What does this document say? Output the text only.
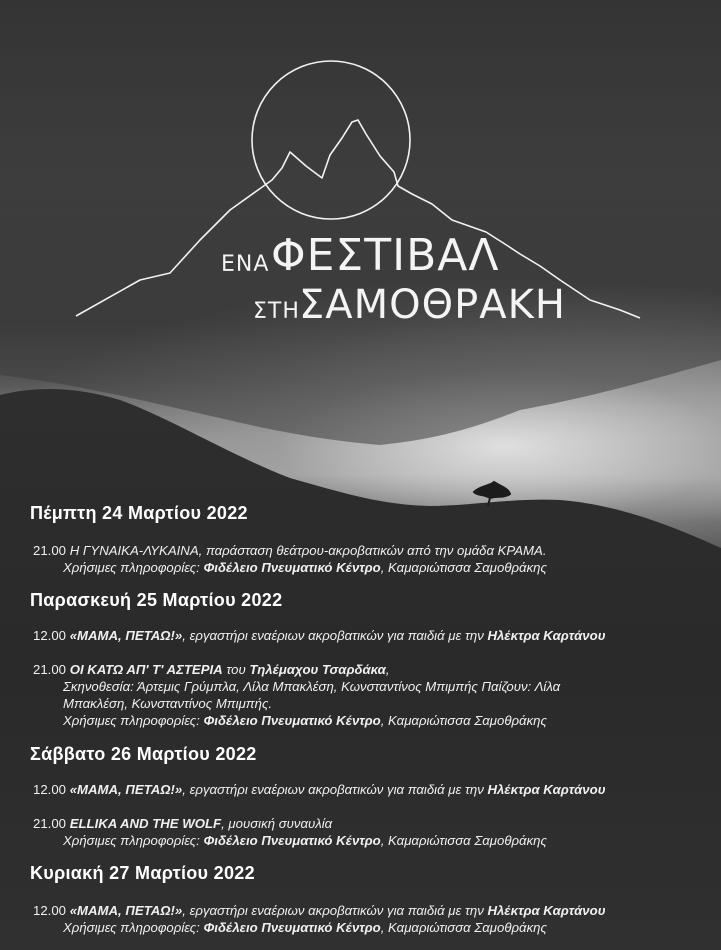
ΕΝΑ ΦΕΣΤΙΒΑΛ
ΣΤΗ ΣΑΜΟΘΡΑΚΗ
Πέμπτη 24 Μαρτίου 2022
21.00 Η ΓΥΝΑΙΚΑ-ΛΥΚΑΙΝΑ, παράσταση θεάτρου-ακροβατικών από την ομάδα ΚΡΑΜΑ.
Χρήσιμες πληροφορίες: Φιδέλειο Πνευματικό Κέντρο, Καμαριώτισσα Σαμοθράκης
Παρασκευή 25 Μαρτίου 2022
12.00 «ΜΑΜΑ, ΠΕΤΑΩ!», εργαστήρι εναέριων ακροβατικών για παιδιά με την Ηλέκτρα Καρτάνου
21.00 ΟΙ ΚΑΤΩ ΑΠ' Τ' ΑΣΤΕΡΙΑ του Τηλέμαχου Τσαρδάκα,
Σκηνοθεσία: Άρτεμις Γρύμπλα, Λίλα Μπακλέση, Κωνσταντίνος Μπιμπής Παίζουν: Λίλα
Μπακλέση, Κωνσταντίνος Μπιμπής.
Χρήσιμες πληροφορίες: Φιδέλειο Πνευματικό Κέντρο, Καμαριώτισσα Σαμοθράκης
Σάββατο 26 Μαρτίου 2022
12.00 «ΜΑΜΑ, ΠΕΤΑΩ!», εργαστήρι εναέριων ακροβατικών για παιδιά με την Ηλέκτρα Καρτάνου
21.00 ELLIKA AND THE WOLF, μουσική συναυλία
Χρήσιμες πληροφορίες: Φιδέλειο Πνευματικό Κέντρο, Καμαριώτισσα Σαμοθράκης
Κυριακή 27 Μαρτίου 2022
12.00 «ΜΑΜΑ, ΠΕΤΑΩ!», εργαστήρι εναέριων ακροβατικών για παιδιά με την Ηλέκτρα Καρτάνου
Χρήσιμες πληροφορίες: Φιδέλειο Πνευματικό Κέντρο, Καμαριώτισσα Σαμοθράκης
